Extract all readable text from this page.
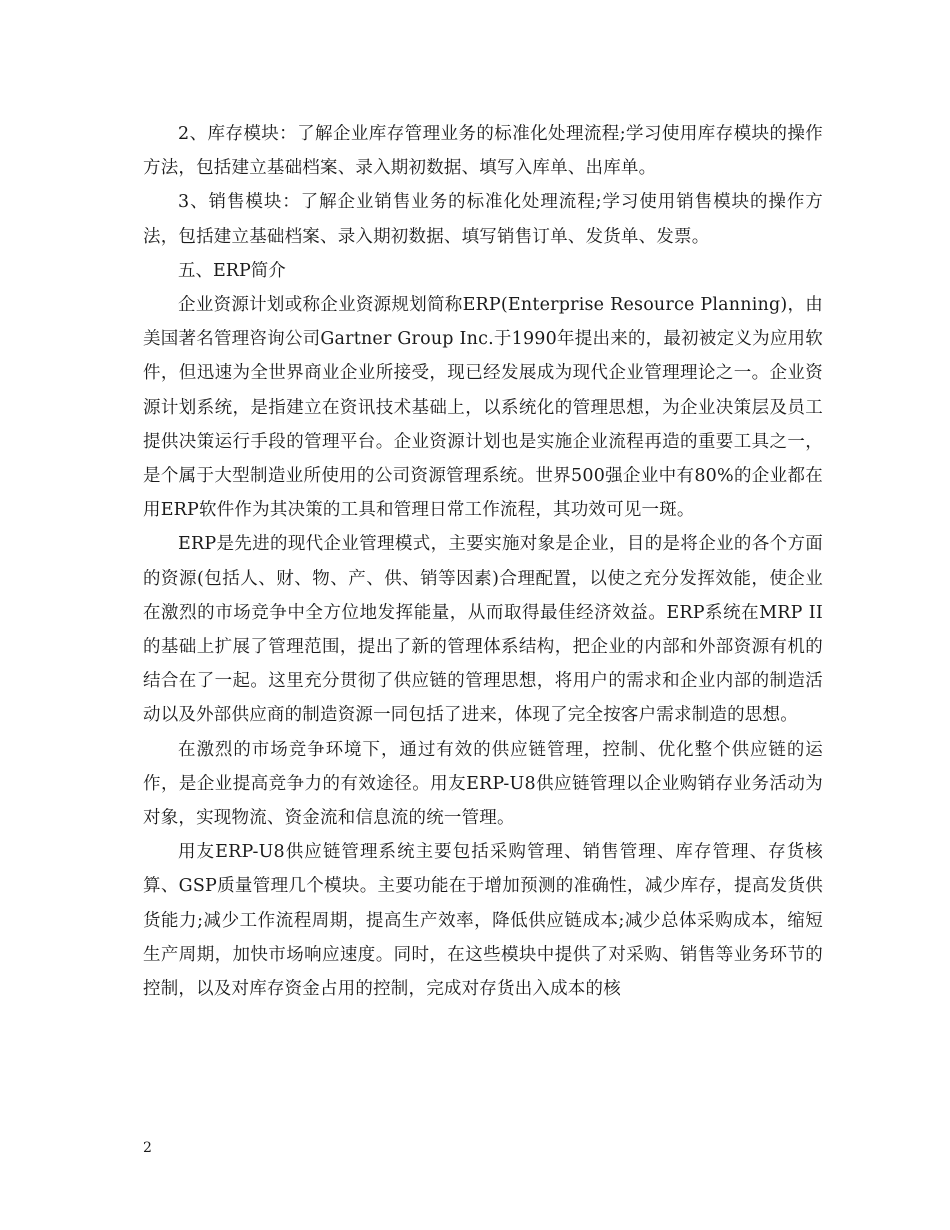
2、库存模块：了解企业库存管理业务的标准化处理流程;学习使用库存模块的操作方法，包括建立基础档案、录入期初数据、填写入库单、出库单。

3、销售模块：了解企业销售业务的标准化处理流程;学习使用销售模块的操作方法，包括建立基础档案、录入期初数据、填写销售订单、发货单、发票。

五、ERP简介

企业资源计划或称企业资源规划简称ERP(Enterprise Resource Planning)，由美国著名管理咨询公司Gartner Group Inc.于1990年提出来的，最初被定义为应用软件，但迅速为全世界商业企业所接受，现已经发展成为现代企业管理理论之一。企业资源计划系统，是指建立在资讯技术基础上，以系统化的管理思想，为企业决策层及员工提供决策运行手段的管理平台。企业资源计划也是实施企业流程再造的重要工具之一，是个属于大型制造业所使用的公司资源管理系统。世界500强企业中有80%的企业都在用ERP软件作为其决策的工具和管理日常工作流程，其功效可见一斑。

ERP是先进的现代企业管理模式，主要实施对象是企业，目的是将企业的各个方面的资源(包括人、财、物、产、供、销等因素)合理配置，以使之充分发挥效能，使企业在激烈的市场竞争中全方位地发挥能量，从而取得最佳经济效益。ERP系统在MRP II的基础上扩展了管理范围，提出了新的管理体系结构，把企业的内部和外部资源有机的结合在了一起。这里充分贯彻了供应链的管理思想，将用户的需求和企业内部的制造活动以及外部供应商的制造资源一同包括了进来，体现了完全按客户需求制造的思想。

在激烈的市场竞争环境下，通过有效的供应链管理，控制、优化整个供应链的运作，是企业提高竞争力的有效途径。用友ERP-U8供应链管理以企业购销存业务活动为对象，实现物流、资金流和信息流的统一管理。

用友ERP-U8供应链管理系统主要包括采购管理、销售管理、库存管理、存货核算、GSP质量管理几个模块。主要功能在于增加预测的准确性，减少库存，提高发货供货能力;减少工作流程周期，提高生产效率，降低供应链成本;减少总体采购成本，缩短生产周期，加快市场响应速度。同时，在这些模块中提供了对采购、销售等业务环节的控制，以及对库存资金占用的控制，完成对存货出入成本的核

2
